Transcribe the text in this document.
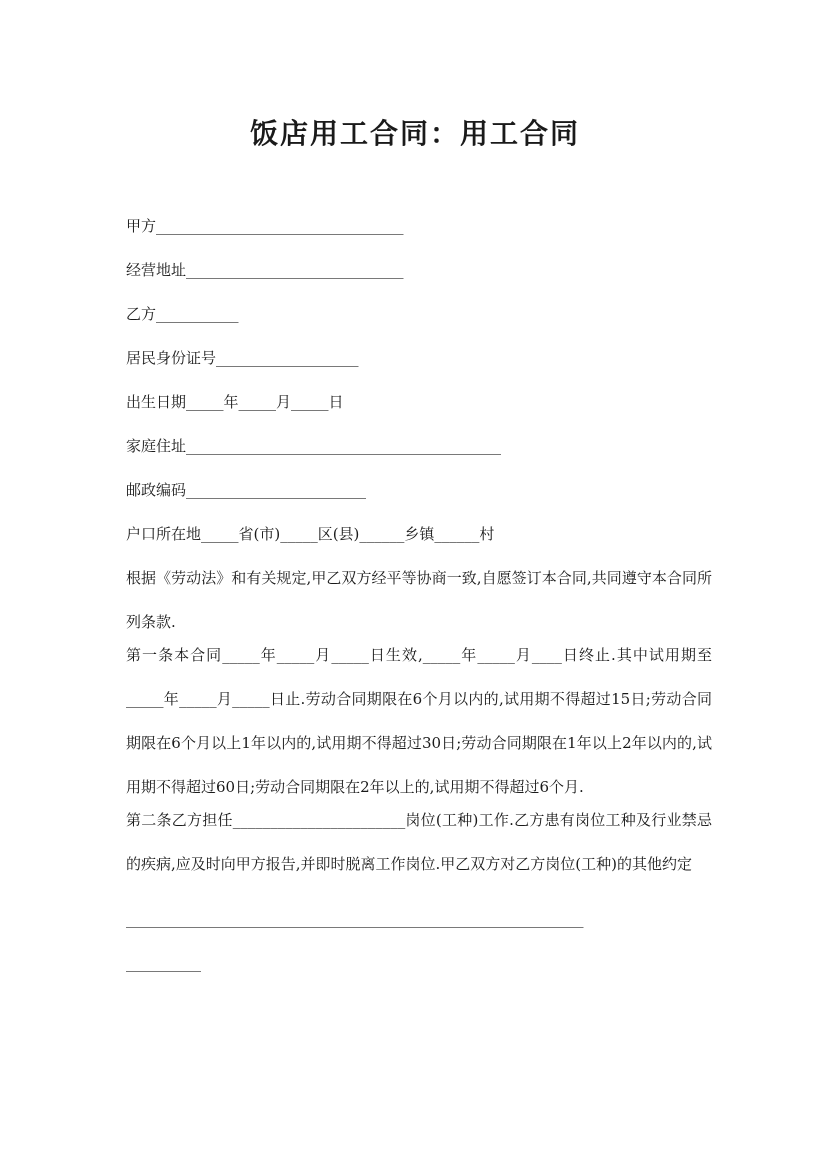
饭店用工合同：用工合同
甲方_________________________________
经营地址_____________________________
乙方___________
居民身份证号___________________
出生日期_____年_____月_____日
家庭住址__________________________________________
邮政编码________________________
户口所在地_____省(市)_____区(县)______乡镇______村
根据《劳动法》和有关规定,甲乙双方经平等协商一致,自愿签订本合同,共同遵守本合同所列条款.
第一条本合同_____年_____月_____日生效,_____年_____月____日终止.其中试用期至_____年_____月_____日止.劳动合同期限在6个月以内的,试用期不得超过15日;劳动合同期限在6个月以上1年以内的,试用期不得超过30日;劳动合同期限在1年以上2年以内的,试用期不得超过60日;劳动合同期限在2年以上的,试用期不得超过6个月.
第二条乙方担任_______________________岗位(工种)工作.乙方患有岗位工种及行业禁忌的疾病,应及时向甲方报告,并即时脱离工作岗位.甲乙双方对乙方岗位(工种)的其他约定
_____________________________________________________________
__________
